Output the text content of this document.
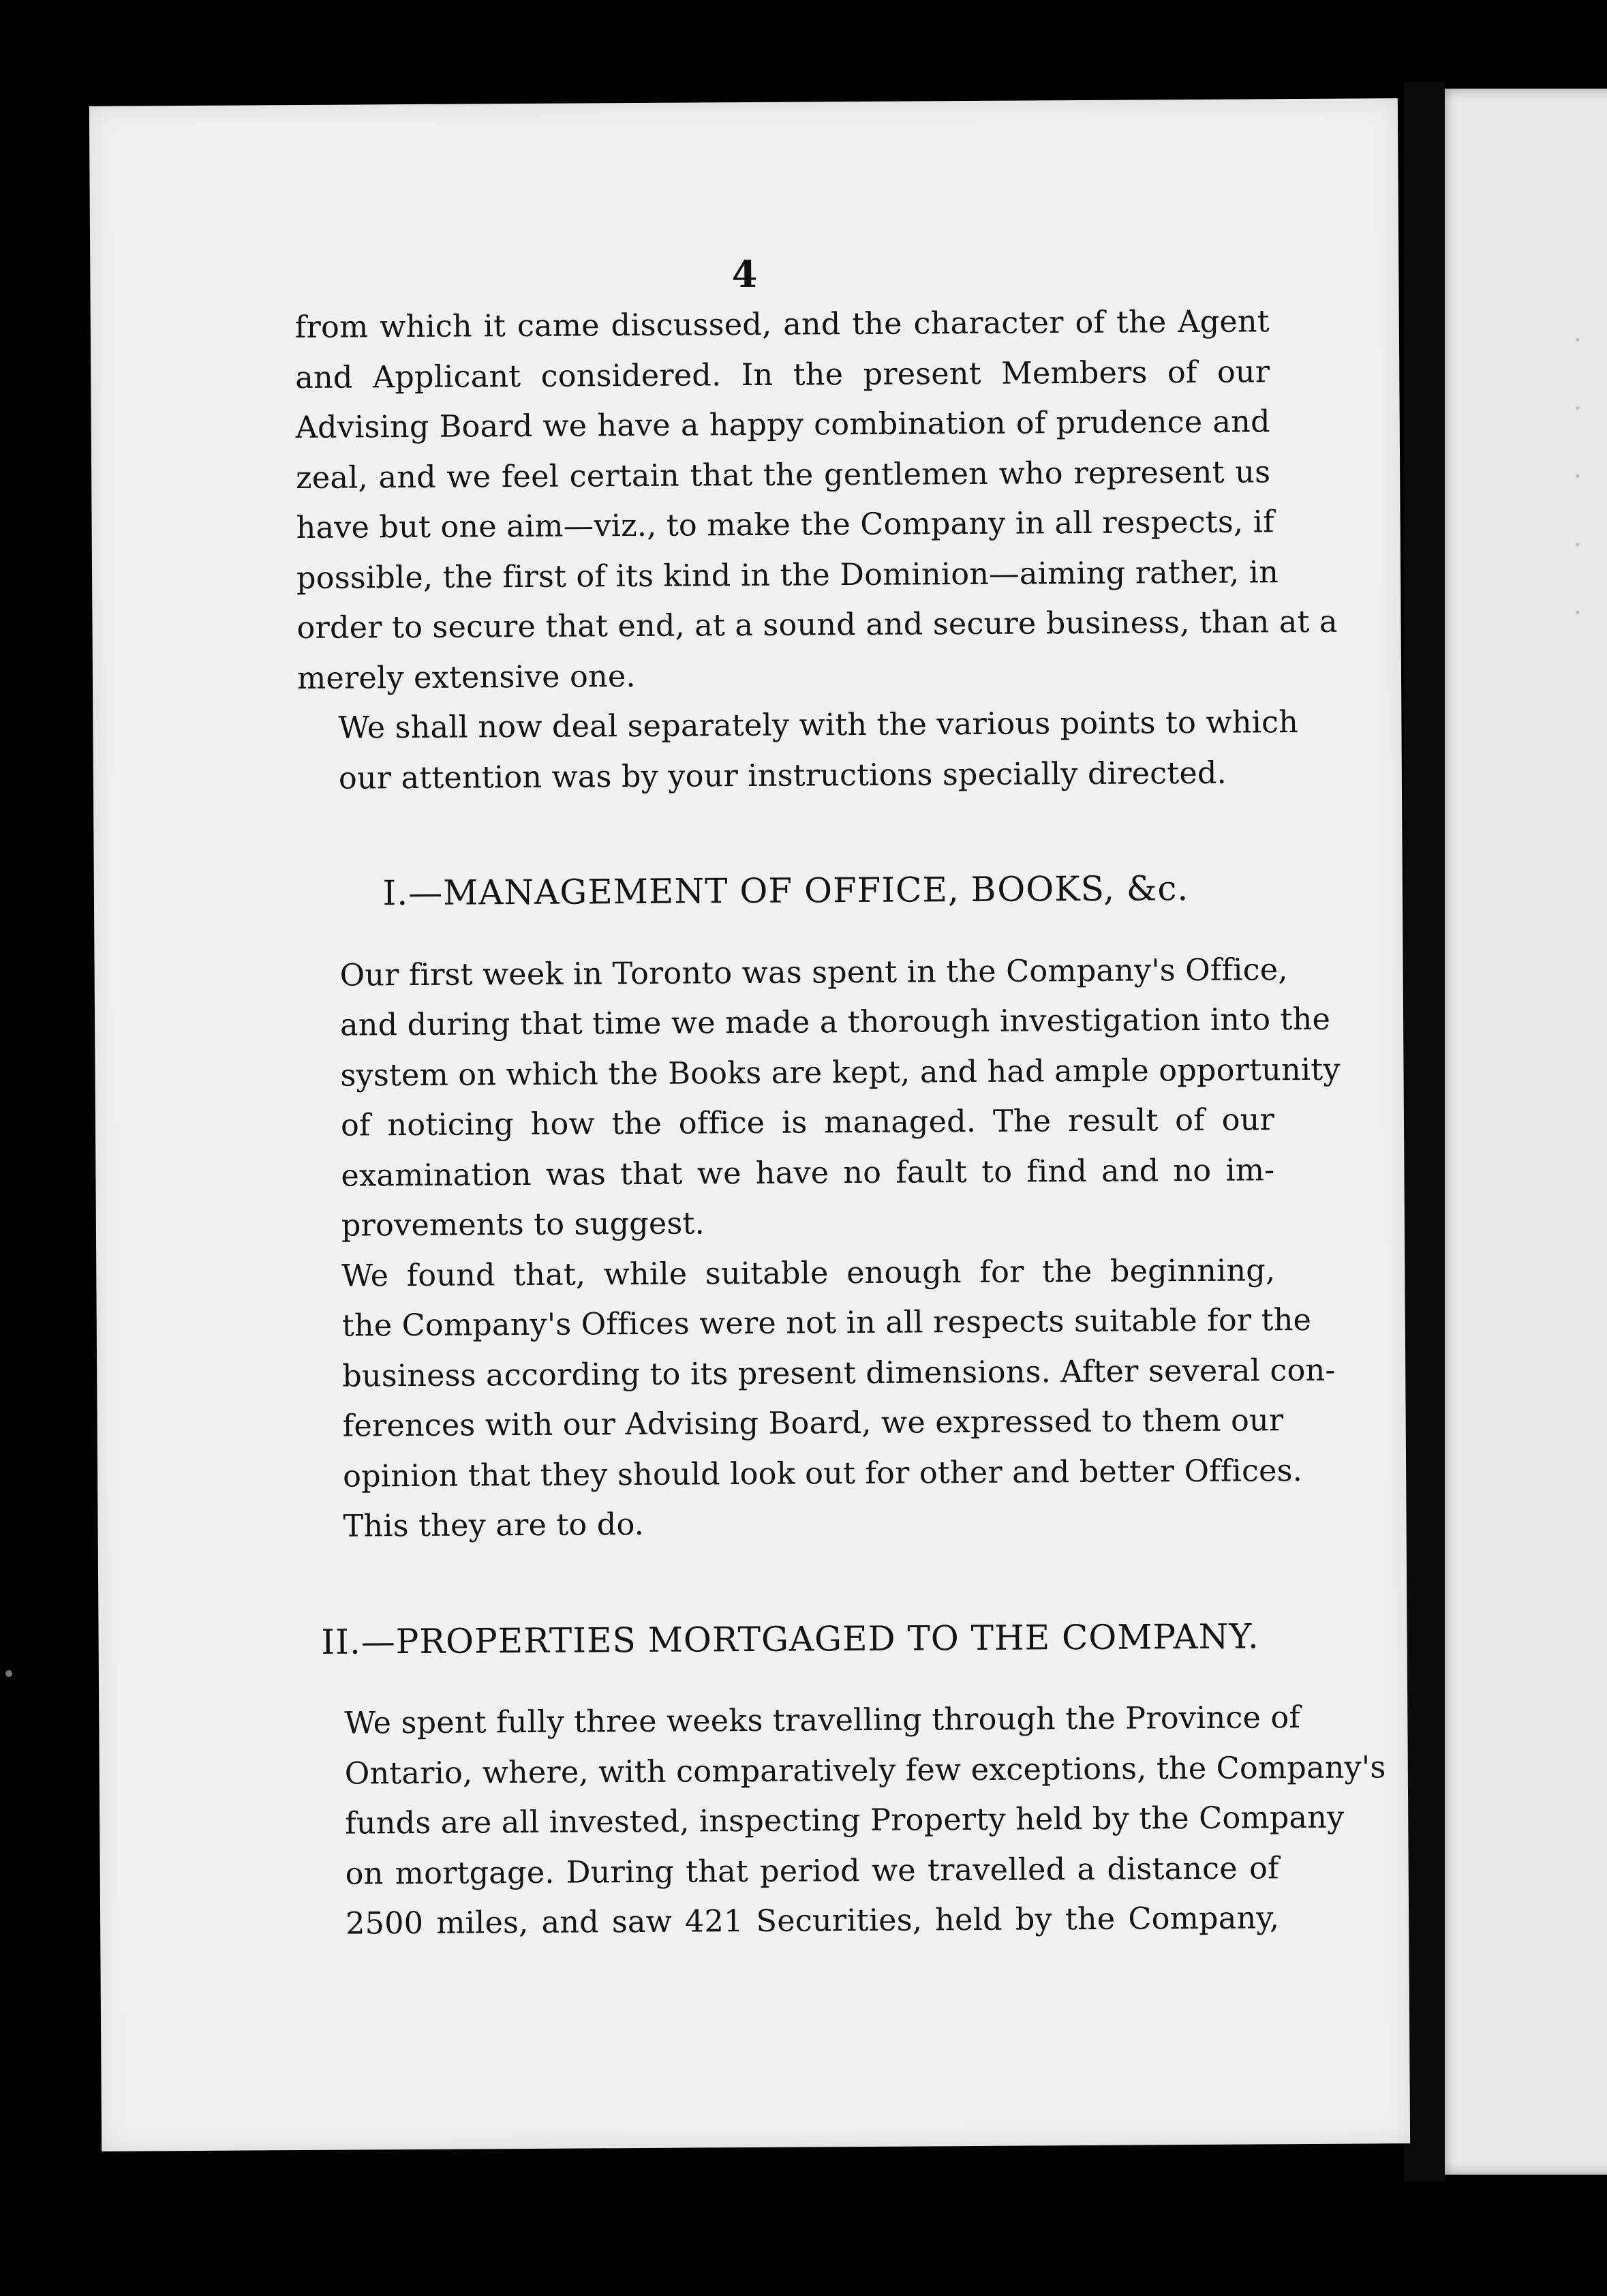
·
·
·
·
·
4
from which it came discussed, and the character of the Agent
and Applicant considered. In the present Members of our
Advising Board we have a happy combination of prudence and
zeal, and we feel certain that the gentlemen who represent us
have but one aim—viz., to make the Company in all respects, if
possible, the first of its kind in the Dominion—aiming rather, in
order to secure that end, at a sound and secure business, than at a
merely extensive one.
We shall now deal separately with the various points to which
our attention was by your instructions specially directed.
I.—MANAGEMENT OF OFFICE, BOOKS, &c.
Our first week in Toronto was spent in the Company's Office,
and during that time we made a thorough investigation into the
system on which the Books are kept, and had ample opportunity
of noticing how the office is managed. The result of our
examination was that we have no fault to find and no im-
provements to suggest.
We found that, while suitable enough for the beginning,
the Company's Offices were not in all respects suitable for the
business according to its present dimensions. After several con-
ferences with our Advising Board, we expressed to them our
opinion that they should look out for other and better Offices.
This they are to do.
II.—PROPERTIES MORTGAGED TO THE COMPANY.
We spent fully three weeks travelling through the Province of
Ontario, where, with comparatively few exceptions, the Company's
funds are all invested, inspecting Property held by the Company
on mortgage. During that period we travelled a distance of
2500 miles, and saw 421 Securities, held by the Company,
